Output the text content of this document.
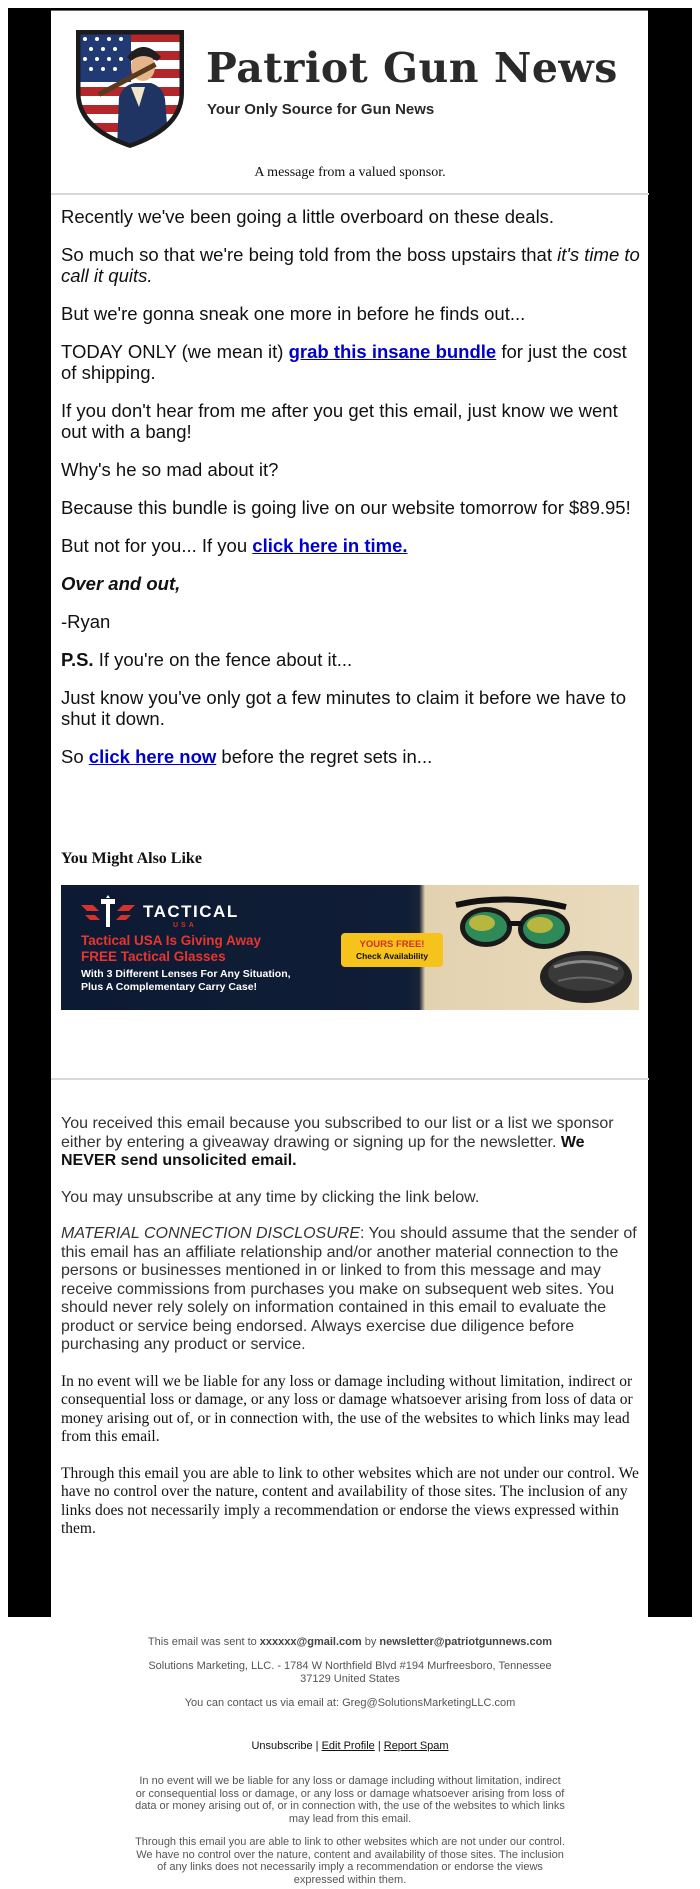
Patriot Gun News
Your Only Source for Gun News
A message from a valued sponsor.

Recently we've been going a little overboard on these deals.

So much so that we're being told from the boss upstairs that it's time to call it quits.

But we're gonna sneak one more in before he finds out...

TODAY ONLY (we mean it) grab this insane bundle for just the cost of shipping.

If you don't hear from me after you get this email, just know we went out with a bang!

Why's he so mad about it?

Because this bundle is going live on our website tomorrow for $89.95!

But not for you... If you click here in time.

Over and out,

-Ryan

P.S. If you're on the fence about it...

Just know you've only got a few minutes to claim it before we have to shut it down.

So click here now before the regret sets in...

You Might Also Like
TACTICAL
USA
Tactical USA Is Giving Away
FREE Tactical Glasses
With 3 Different Lenses For Any Situation,
Plus A Complementary Carry Case!
YOURS FREE!
Check Availability

You received this email because you subscribed to our list or a list we sponsor either by entering a giveaway drawing or signing up for the newsletter. We NEVER send unsolicited email.

You may unsubscribe at any time by clicking the link below.

MATERIAL CONNECTION DISCLOSURE: You should assume that the sender of this email has an affiliate relationship and/or another material connection to the persons or businesses mentioned in or linked to from this message and may receive commissions from purchases you make on subsequent web sites. You should never rely solely on information contained in this email to evaluate the product or service being endorsed. Always exercise due diligence before purchasing any product or service.

In no event will we be liable for any loss or damage including without limitation, indirect or consequential loss or damage, or any loss or damage whatsoever arising from loss of data or money arising out of, or in connection with, the use of the websites to which links may lead from this email.

Through this email you are able to link to other websites which are not under our control. We have no control over the nature, content and availability of those sites. The inclusion of any links does not necessarily imply a recommendation or endorse the views expressed within them.

This email was sent to xxxxxx@gmail.com by newsletter@patriotgunnews.com
Solutions Marketing, LLC. - 1784 W Northfield Blvd #194 Murfreesboro, Tennessee
37129 United States
You can contact us via email at: Greg@SolutionsMarketingLLC.com
Unsubscribe | Edit Profile | Report Spam
In no event will we be liable for any loss or damage including without limitation, indirect or consequential loss or damage, or any loss or damage whatsoever arising from loss of data or money arising out of, or in connection with, the use of the websites to which links may lead from this email.
Through this email you are able to link to other websites which are not under our control. We have no control over the nature, content and availability of those sites. The inclusion of any links does not necessarily imply a recommendation or endorse the views expressed within them.
